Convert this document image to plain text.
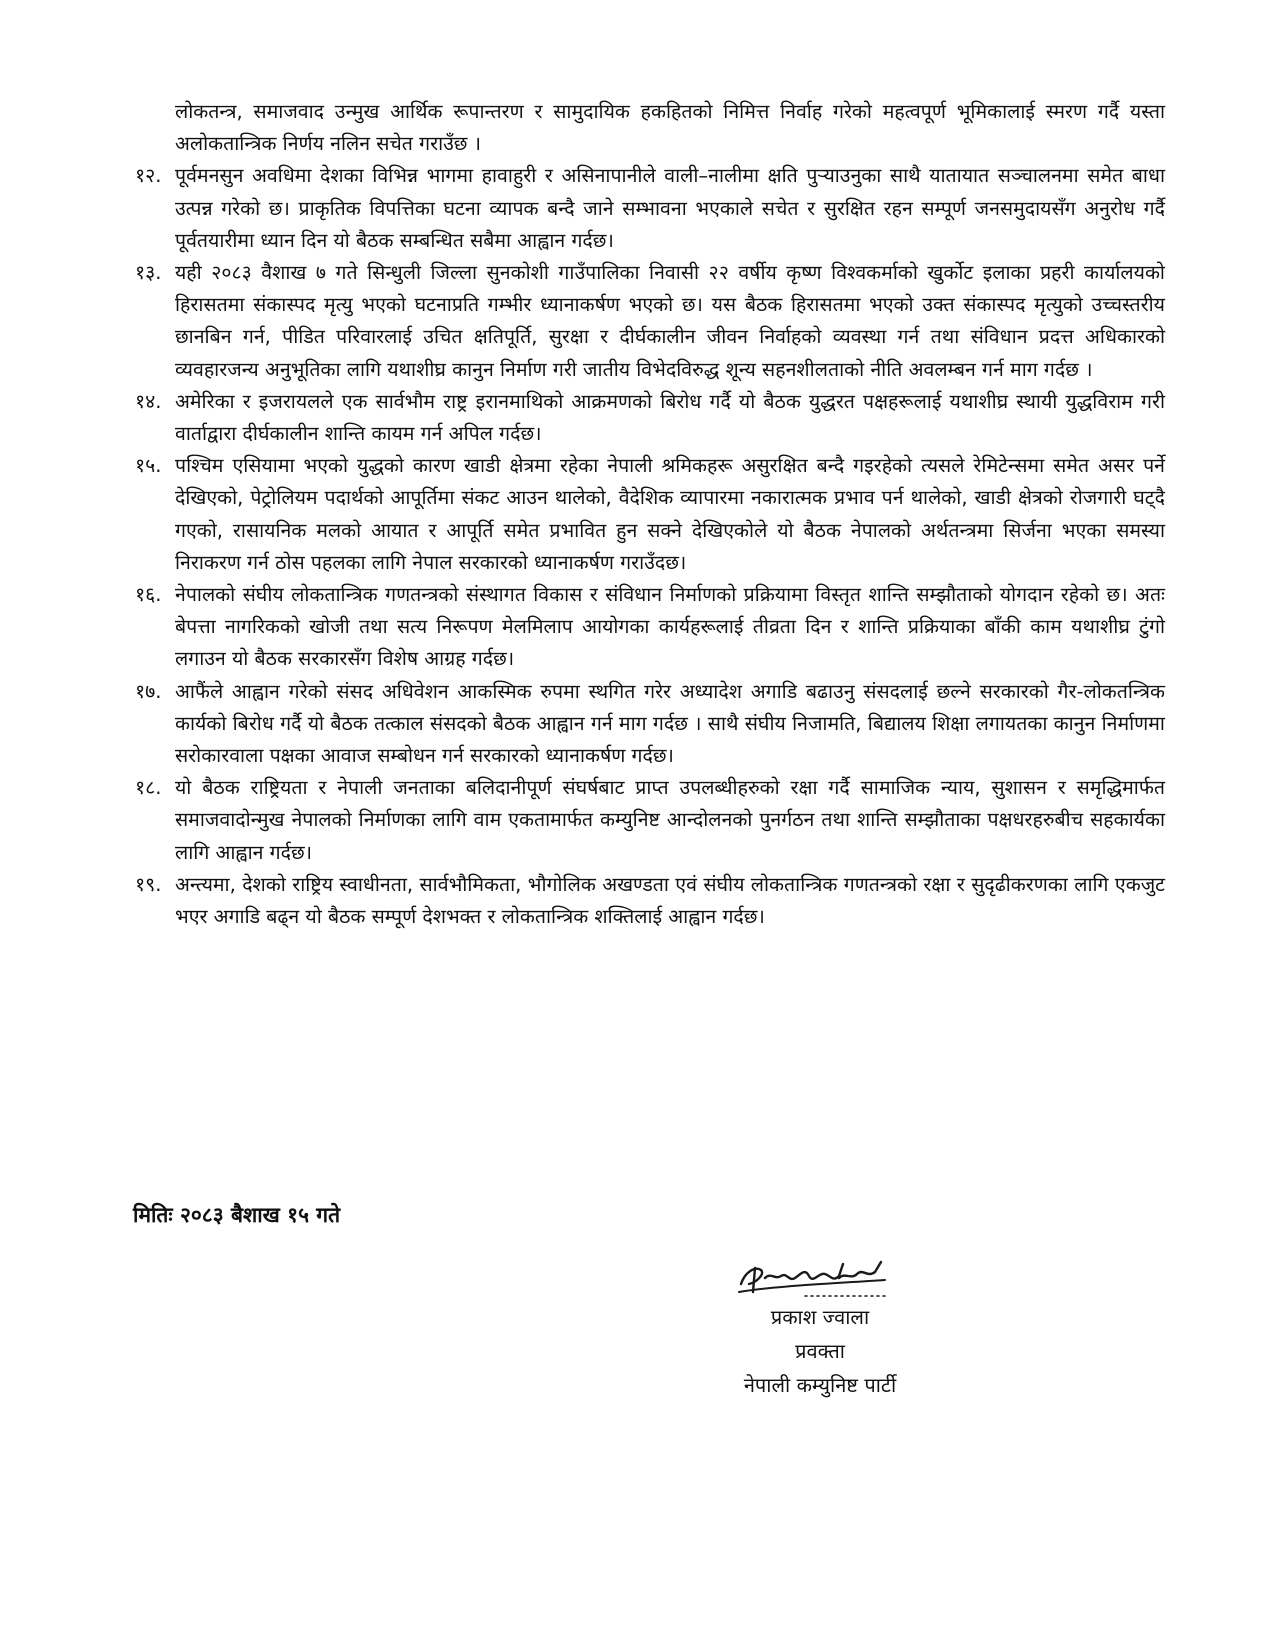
लोकतन्त्र, समाजवाद उन्मुख आर्थिक रूपान्तरण र सामुदायिक हकहितको निमित्त निर्वाह गरेको महत्वपूर्ण भूमिकालाई स्मरण गर्दै यस्ता अलोकतान्त्रिक निर्णय नलिन सचेत गराउँछ ।

१२. पूर्वमनसुन अवधिमा देशका विभिन्न भागमा हावाहुरी र असिनापानीले वाली–नालीमा क्षति पुऱ्याउनुका साथै यातायात सञ्चालनमा समेत बाधा उत्पन्न गरेको छ। प्राकृतिक विपत्तिका घटना व्यापक बन्दै जाने सम्भावना भएकाले सचेत र सुरक्षित रहन सम्पूर्ण जनसमुदायसँग अनुरोध गर्दै पूर्वतयारीमा ध्यान दिन यो बैठक सम्बन्धित सबैमा आह्वान गर्दछ।
१३. यही २०८३ वैशाख ७ गते सिन्धुली जिल्ला सुनकोशी गाउँपालिका निवासी २२ वर्षीय कृष्ण विश्वकर्माको खुर्कोट इलाका प्रहरी कार्यालयको हिरासतमा संकास्पद मृत्यु भएको घटनाप्रति गम्भीर ध्यानाकर्षण भएको छ। यस बैठक हिरासतमा भएको उक्त संकास्पद मृत्युको उच्चस्तरीय छानबिन गर्न, पीडित परिवारलाई उचित क्षतिपूर्ति, सुरक्षा र दीर्घकालीन जीवन निर्वाहको व्यवस्था गर्न तथा संविधान प्रदत्त अधिकारको व्यवहारजन्य अनुभूतिका लागि यथाशीघ्र कानुन निर्माण गरी जातीय विभेदविरुद्ध शून्य सहनशीलताको नीति अवलम्बन गर्न माग गर्दछ ।
१४. अमेरिका र इजरायलले एक सार्वभौम राष्ट्र इरानमाथिको आक्रमणको बिरोध गर्दै यो बैठक युद्धरत पक्षहरूलाई यथाशीघ्र स्थायी युद्धविराम गरी वार्ताद्वारा दीर्घकालीन शान्ति कायम गर्न अपिल गर्दछ।
१५. पश्चिम एसियामा भएको युद्धको कारण खाडी क्षेत्रमा रहेका नेपाली श्रमिकहरू असुरक्षित बन्दै गइरहेको त्यसले रेमिटेन्समा समेत असर पर्ने देखिएको, पेट्रोलियम पदार्थको आपूर्तिमा संकट आउन थालेको, वैदेशिक व्यापारमा नकारात्मक प्रभाव पर्न थालेको, खाडी क्षेत्रको रोजगारी घट्दै गएको, रासायनिक मलको आयात र आपूर्ति समेत प्रभावित हुन सक्ने देखिएकोले यो बैठक नेपालको अर्थतन्त्रमा सिर्जना भएका समस्या निराकरण गर्न ठोस पहलका लागि नेपाल सरकारको ध्यानाकर्षण गराउँदछ।
१६. नेपालको संघीय लोकतान्त्रिक गणतन्त्रको संस्थागत विकास र संविधान निर्माणको प्रक्रियामा विस्तृत शान्ति सम्झौताको योगदान रहेको छ। अतः बेपत्ता नागरिकको खोजी तथा सत्य निरूपण मेलमिलाप आयोगका कार्यहरूलाई तीव्रता दिन र शान्ति प्रक्रियाका बाँकी काम यथाशीघ्र टुंगो लगाउन यो बैठक सरकारसँग विशेष आग्रह गर्दछ।
१७. आफैंले आह्वान गरेको संसद अधिवेशन आकस्मिक रुपमा स्थगित गरेर अध्यादेश अगाडि बढाउनु संसदलाई छल्ने सरकारको गैर-लोकतन्त्रिक कार्यको बिरोध गर्दै यो बैठक तत्काल संसदको बैठक आह्वान गर्न माग गर्दछ । साथै संघीय निजामति, बिद्यालय शिक्षा लगायतका कानुन निर्माणमा सरोकारवाला पक्षका आवाज सम्बोधन गर्न सरकारको ध्यानाकर्षण गर्दछ।
१८. यो बैठक राष्ट्रियता र नेपाली जनताका बलिदानीपूर्ण संघर्षबाट प्राप्त उपलब्धीहरुको रक्षा गर्दै सामाजिक न्याय, सुशासन र समृद्धिमार्फत समाजवादोन्मुख नेपालको निर्माणका लागि वाम एकतामार्फत कम्युनिष्ट आन्दोलनको पुनर्गठन तथा शान्ति सम्झौताका पक्षधरहरुबीच सहकार्यका लागि आह्वान गर्दछ।
१९. अन्त्यमा, देशको राष्ट्रिय स्वाधीनता, सार्वभौमिकता, भौगोलिक अखण्डता एवं संघीय लोकतान्त्रिक गणतन्त्रको रक्षा र सुदृढीकरणका लागि एकजुट भएर अगाडि बढ्न यो बैठक सम्पूर्ण देशभक्त र लोकतान्त्रिक शक्तिलाई आह्वान गर्दछ।
मितिः २०८३ बैशाख १५ गते
प्रकाश ज्वाला
प्रवक्ता
नेपाली कम्युनिष्ट पार्टी
